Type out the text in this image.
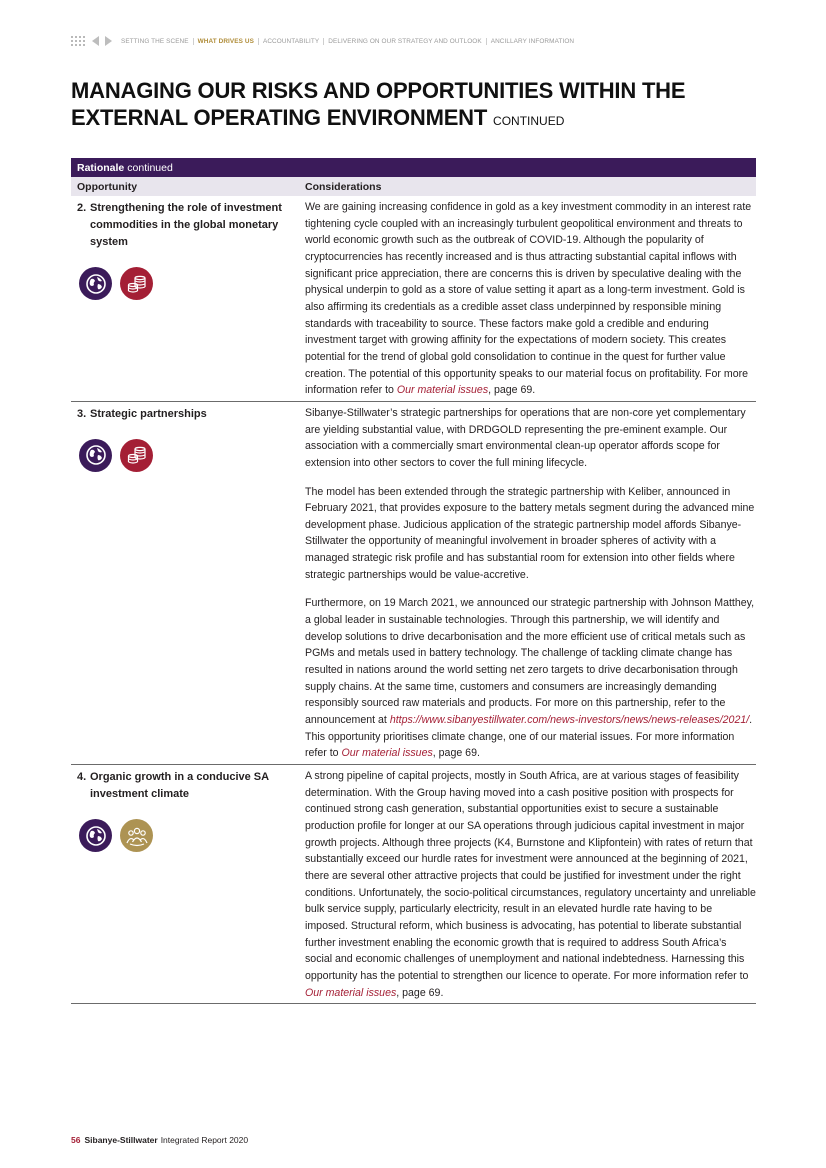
SETTING THE SCENE WHAT DRIVES US ACCOUNTABILITY DELIVERING ON OUR STRATEGY AND OUTLOOK ANCILLARY INFORMATION
MANAGING OUR RISKS AND OPPORTUNITIES WITHIN THE EXTERNAL OPERATING ENVIRONMENT CONTINUED
Rationale continued
Opportunity	Considerations
2. Strengthening the role of investment commodities in the global monetary system

We are gaining increasing confidence in gold as a key investment commodity in an interest rate tightening cycle coupled with an increasingly turbulent geopolitical environment and threats to world economic growth such as the outbreak of COVID-19. Although the popularity of cryptocurrencies has recently increased and is thus attracting substantial capital inflows with significant price appreciation, there are concerns this is driven by speculative dealing with the physical underpin to gold as a store of value setting it apart as a long-term investment. Gold is also affirming its credentials as a credible asset class underpinned by responsible mining standards with traceability to source. These factors make gold a credible and enduring investment target with growing affinity for the expectations of modern society. This creates potential for the trend of global gold consolidation to continue in the quest for further value creation. The potential of this opportunity speaks to our material focus on profitability. For more information refer to Our material issues, page 69.

3. Strategic partnerships	Sibanye-Stillwater’s strategic partnerships for operations that are non-core yet complementary are yielding substantial value, with DRDGOLD representing the pre-eminent example. Our association with a commercially smart environmental clean-up operator affords scope for extension into other sectors to cover the full mining lifecycle.

The model has been extended through the strategic partnership with Keliber, announced in February 2021, that provides exposure to the battery metals segment during the advanced mine development phase. Judicious application of the strategic partnership model affords Sibanye-Stillwater the opportunity of meaningful involvement in broader spheres of activity with a managed strategic risk profile and has substantial room for extension into other fields where strategic partnerships would be value-accretive.

Furthermore, on 19 March 2021, we announced our strategic partnership with Johnson Matthey, a global leader in sustainable technologies. Through this partnership, we will identify and develop solutions to drive decarbonisation and the more efficient use of critical metals such as PGMs and metals used in battery technology. The challenge of tackling climate change has resulted in nations around the world setting net zero targets to drive decarbonisation through supply chains. At the same time, customers and consumers are increasingly demanding responsibly sourced raw materials and products. For more on this partnership, refer to the announcement at https://www.sibanyestillwater.com/news-investors/news/news-releases/2021/. This opportunity prioritises climate change, one of our material issues. For more information refer to Our material issues, page 69.

4. Organic growth in a conducive SA investment climate

A strong pipeline of capital projects, mostly in South Africa, are at various stages of feasibility determination. With the Group having moved into a cash positive position with prospects for continued strong cash generation, substantial opportunities exist to secure a sustainable production profile for longer at our SA operations through judicious capital investment in major growth projects. Although three projects (K4, Burnstone and Klipfontein) with rates of return that substantially exceed our hurdle rates for investment were announced at the beginning of 2021, there are several other attractive projects that could be justified for investment under the right conditions. Unfortunately, the socio-political circumstances, regulatory uncertainty and unreliable bulk service supply, particularly electricity, result in an elevated hurdle rate having to be imposed. Structural reform, which business is advocating, has potential to liberate substantial further investment enabling the economic growth that is required to address South Africa’s social and economic challenges of unemployment and national indebtedness. Harnessing this opportunity has the potential to strengthen our licence to operate. For more information refer to Our material issues, page 69.

56 Sibanye-Stillwater Integrated Report 2020
